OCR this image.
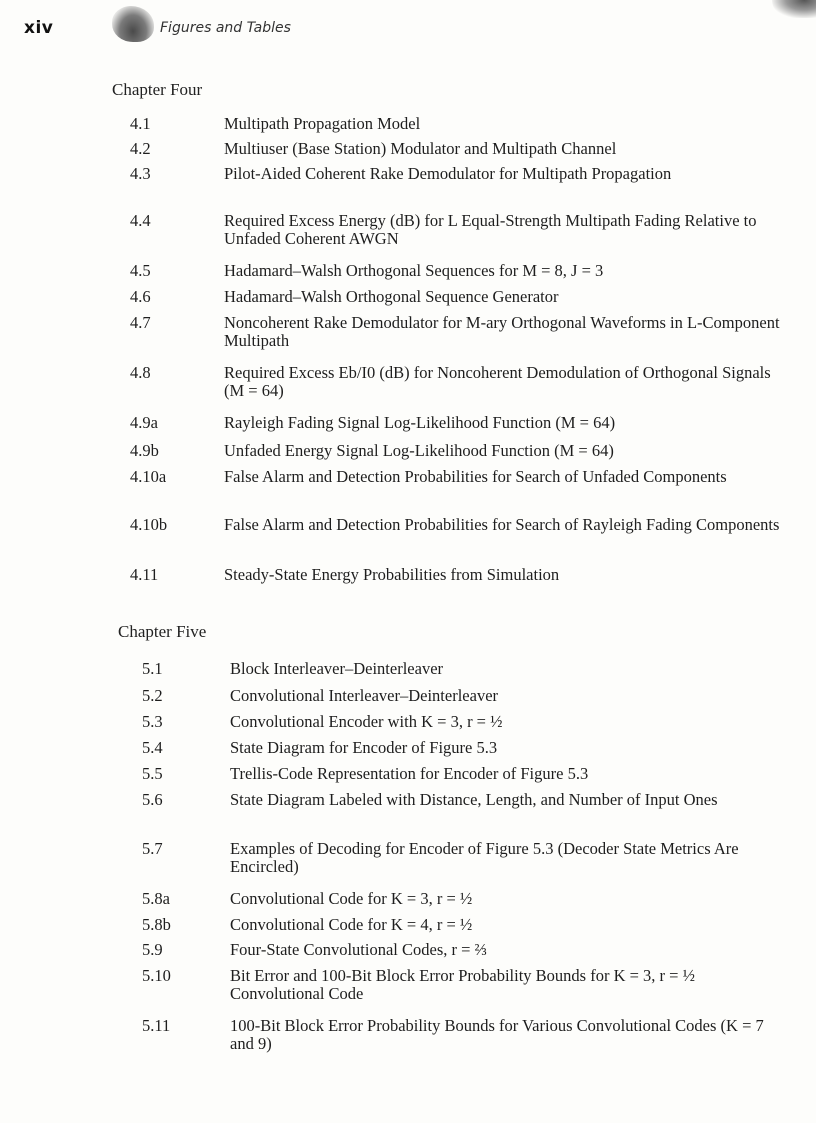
xiv	Figures and Tables
Chapter Four
4.1	Multipath Propagation Model
4.2	Multiuser (Base Station) Modulator and Multipath Channel
4.3	Pilot-Aided Coherent Rake Demodulator for Multipath Propagation
4.4	Required Excess Energy (dB) for L Equal-Strength Multipath Fading Relative to Unfaded Coherent AWGN
4.5	Hadamard–Walsh Orthogonal Sequences for M = 8, J = 3
4.6	Hadamard–Walsh Orthogonal Sequence Generator
4.7	Noncoherent Rake Demodulator for M-ary Orthogonal Waveforms in L-Component Multipath
4.8	Required Excess Eb/I0 (dB) for Noncoherent Demodulation of Orthogonal Signals (M = 64)
4.9a	Rayleigh Fading Signal Log-Likelihood Function (M = 64)
4.9b	Unfaded Energy Signal Log-Likelihood Function (M = 64)
4.10a	False Alarm and Detection Probabilities for Search of Unfaded Components
4.10b	False Alarm and Detection Probabilities for Search of Rayleigh Fading Components
4.11	Steady-State Energy Probabilities from Simulation
Chapter Five
5.1	Block Interleaver–Deinterleaver
5.2	Convolutional Interleaver–Deinterleaver
5.3	Convolutional Encoder with K = 3, r = ½
5.4	State Diagram for Encoder of Figure 5.3
5.5	Trellis-Code Representation for Encoder of Figure 5.3
5.6	State Diagram Labeled with Distance, Length, and Number of Input Ones
5.7	Examples of Decoding for Encoder of Figure 5.3 (Decoder State Metrics Are Encircled)
5.8a	Convolutional Code for K = 3, r = ½
5.8b	Convolutional Code for K = 4, r = ½
5.9	Four-State Convolutional Codes, r = ⅔
5.10	Bit Error and 100-Bit Block Error Probability Bounds for K = 3, r = ½ Convolutional Code
5.11	100-Bit Block Error Probability Bounds for Various Convolutional Codes (K = 7 and 9)
